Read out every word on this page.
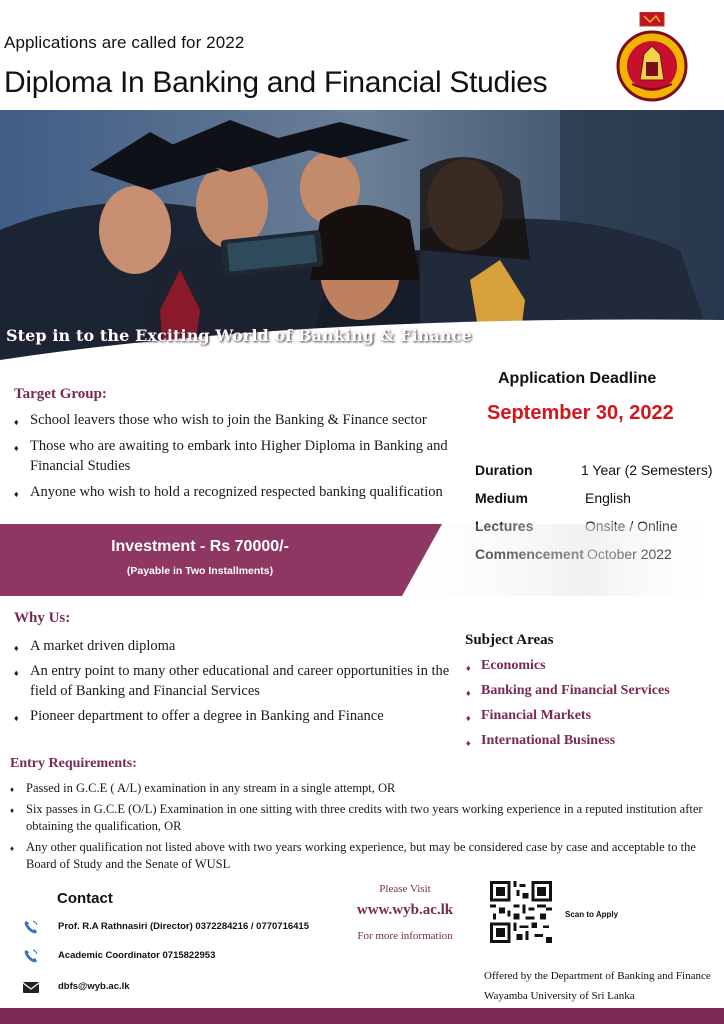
Applications are called for 2022
Diploma In Banking and Financial Studies
Step in to the Exciting World of Banking & Finance
Target Group:
♦ School leavers those who wish to join the Banking & Finance sector
♦ Those who are awaiting to embark into Higher Diploma in Banking and Financial Studies
♦ Anyone who wish to hold a recognized respected banking qualification
Application Deadline
September 30, 2022
Duration	1 Year (2 Semesters)
Medium	English
Investment - Rs 70000/-
(Payable in Two Installments)
Why Us:
♦ A market driven diploma
♦ An entry point to many other educational and career opportunities in the field of Banking and Financial Services
♦ Pioneer department to offer a degree in Banking and Finance
Subject Areas
♦ Economics
♦ Banking and Financial Services
♦ Financial Markets
♦ International Business
Entry Requirements:
♦ Passed in G.C.E ( A/L) examination in any stream in a single attempt, OR
♦ Six passes in G.C.E (O/L) Examination in one sitting with three credits with two years working experience in a reputed institution after obtaining the qualification, OR
♦ Any other qualification not listed above with two years working experience, but may be considered case by case and acceptable to the Board of Study and the Senate of WUSL
Contact
Prof. R.A Rathnasiri (Director) 0372284216 / 0770716415
Academic Coordinator 0715822953
dbfs@wyb.ac.lk
Please Visit
www.wyb.ac.lk
For more information
Scan to Apply
Offered by the Department of Banking and Finance
Wayamba University of Sri Lanka
